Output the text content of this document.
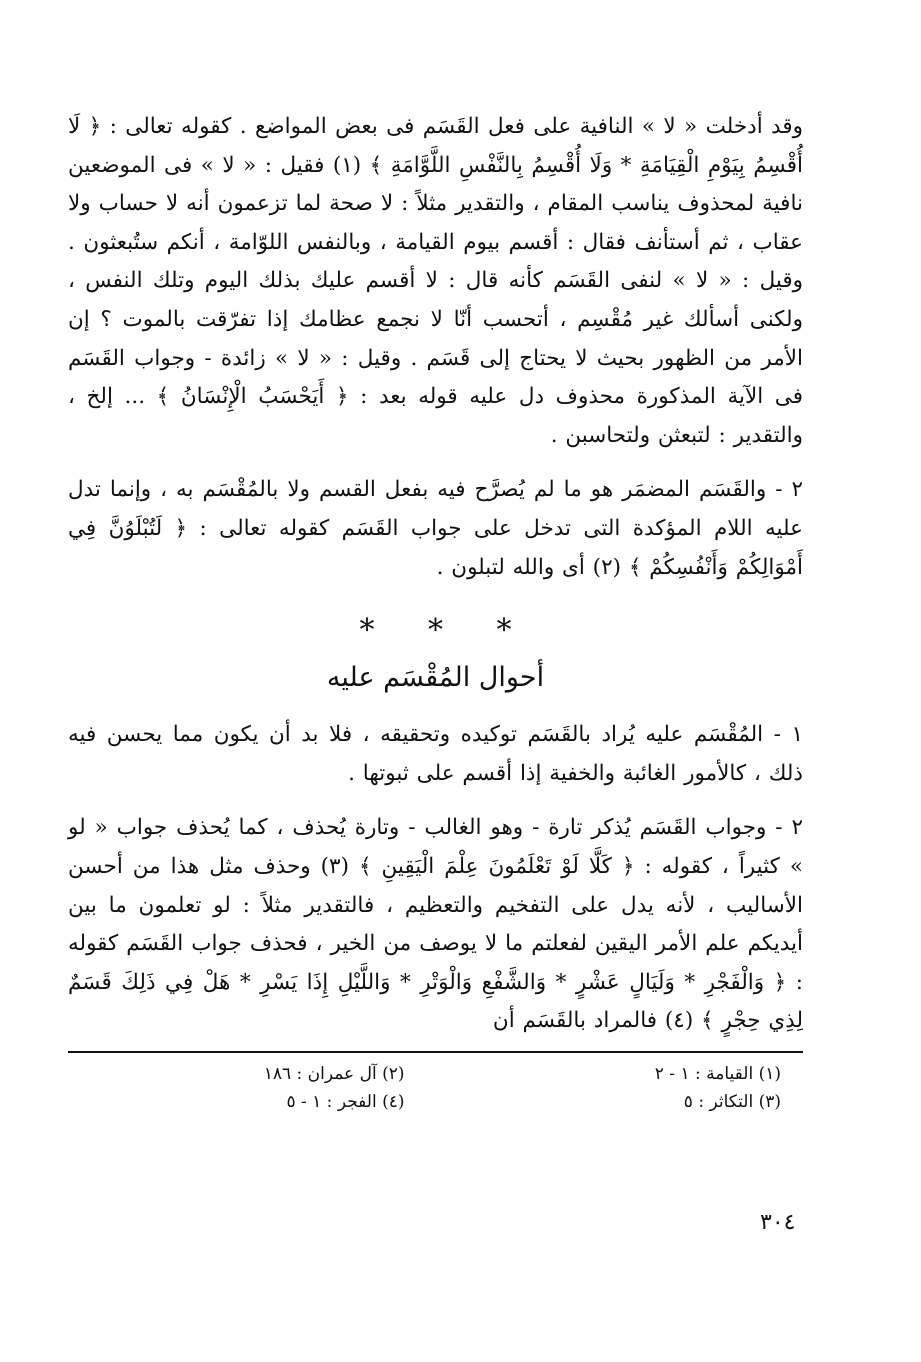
وقد أدخلت « لا » النافية على فعل القَسَم فى بعض المواضع . كقوله تعالى : ﴿ لَا أُقْسِمُ بِيَوْمِ الْقِيَامَةِ * وَلَا أُقْسِمُ بِالنَّفْسِ اللَّوَّامَةِ ﴾ (١) فقيل : « لا » فى الموضعين نافية لمحذوف يناسب المقام ، والتقدير مثلاً : لا صحة لما تزعمون أنه لا حساب ولا عقاب ، ثم أستأنف فقال : أقسم بيوم القيامة ، وبالنفس اللوّامة ، أنكم ستُبعثون . وقيل : « لا » لنفى القَسَم كأنه قال : لا أقسم عليك بذلك اليوم وتلك النفس ، ولكنى أسألك غير مُقْسِم ، أتحسب أنّا لا نجمع عظامك إذا تفرّقت بالموت ؟ إن الأمر من الظهور بحيث لا يحتاج إلى قَسَم . وقيل : « لا » زائدة - وجواب القَسَم فى الآية المذكورة محذوف دل عليه قوله بعد : ﴿ أَيَحْسَبُ الْإِنْسَانُ ﴾ ... إلخ ، والتقدير : لتبعثن ولتحاسبن .

٢ - والقَسَم المضمَر هو ما لم يُصرَّح فيه بفعل القسم ولا بالمُقْسَم به ، وإنما تدل عليه اللام المؤكدة التى تدخل على جواب القَسَم كقوله تعالى : ﴿ لَتُبْلَوُنَّ فِي أَمْوَالِكُمْ وَأَنْفُسِكُمْ ﴾ (٢) أى والله لتبلون .

* * *
أحوال المُقْسَم عليه

١ - المُقْسَم عليه يُراد بالقَسَم توكيده وتحقيقه ، فلا بد أن يكون مما يحسن فيه ذلك ، كالأمور الغائبة والخفية إذا أقسم على ثبوتها .

٢ - وجواب القَسَم يُذكر تارة - وهو الغالب - وتارة يُحذف ، كما يُحذف جواب « لو » كثيراً ، كقوله : ﴿ كَلَّا لَوْ تَعْلَمُونَ عِلْمَ الْيَقِينِ ﴾ (٣) وحذف مثل هذا من أحسن الأساليب ، لأنه يدل على التفخيم والتعظيم ، فالتقدير مثلاً : لو تعلمون ما بين أيديكم علم الأمر اليقين لفعلتم ما لا يوصف من الخير ، فحذف جواب القَسَم كقوله : ﴿ وَالْفَجْرِ * وَلَيَالٍ عَشْرٍ * وَالشَّفْعِ وَالْوَتْرِ * وَاللَّيْلِ إِذَا يَسْرِ * هَلْ فِي ذَلِكَ قَسَمٌ لِذِي حِجْرٍ ﴾ (٤) فالمراد بالقَسَم أن

(١) القيامة : ١ - ٢
(٢) آل عمران : ١٨٦
(٣) التكاثر : ٥
(٤) الفجر : ١ - ٥
٣٠٤
